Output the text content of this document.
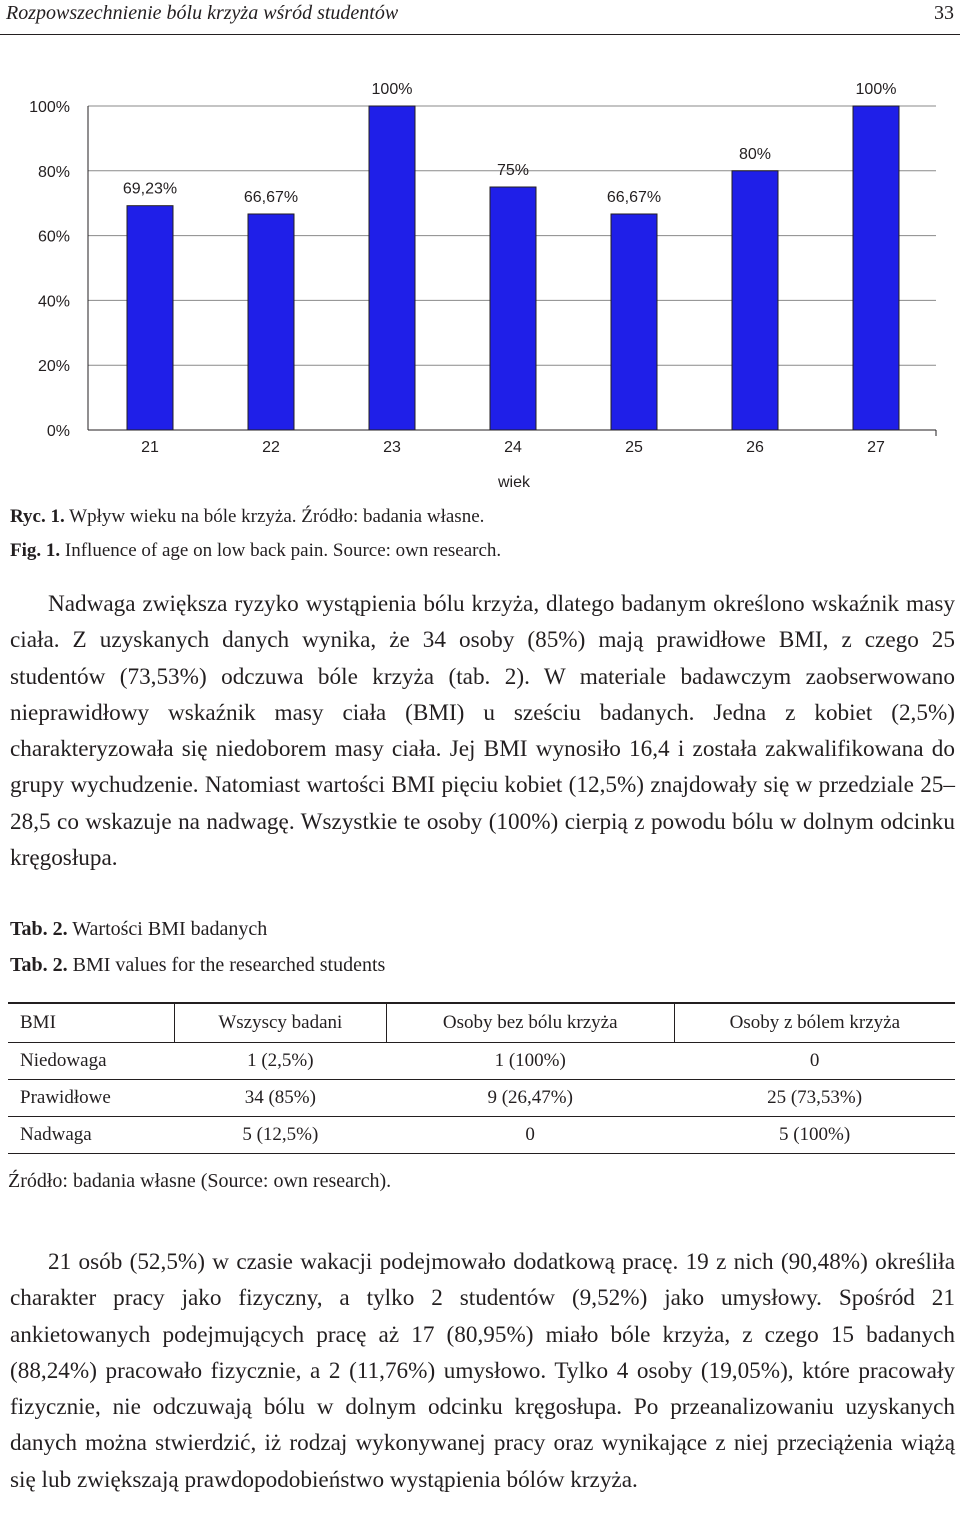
Rozpowszechnienie bólu krzyża wśród studentów	33
0%
20%
40%
60%
80%
100%
69,23%
21
66,67%
22
100%
23
75%
24
66,67%
25
80%
26
100%
27
wiek
Ryc. 1. Wpływ wieku na bóle krzyża. Źródło: badania własne.
Fig. 1. Influence of age on low back pain. Source: own research.

Nadwaga zwiększa ryzyko wystąpienia bólu krzyża, dlatego badanym określono wskaźnik masy ciała. Z uzyskanych danych wynika, że 34 osoby (85%) mają prawidłowe BMI, z czego 25 studentów (73,53%) odczuwa bóle krzyża (tab. 2). W materiale badawczym zaobserwowano nieprawidłowy wskaźnik masy ciała (BMI) u sześciu badanych. Jedna z kobiet (2,5%) charakteryzowała się niedoborem masy ciała. Jej BMI wynosiło 16,4 i została zakwalifikowana do grupy wychudzenie. Natomiast wartości BMI pięciu kobiet (12,5%) znajdowały się w przedziale 25–28,5 co wskazuje na nadwagę. Wszystkie te osoby (100%) cierpią z powodu bólu w dolnym odcinku kręgosłupa.

Tab. 2. Wartości BMI badanych
Tab. 2. BMI values for the researched students
BMI	Wszyscy badani	Osoby bez bólu krzyża	Osoby z bólem krzyża
Niedowaga	1 (2,5%)	1 (100%)	0
Prawidłowe	34 (85%)	9 (26,47%)	25 (73,53%)
Nadwaga	5 (12,5%)	0	5 (100%)
Źródło: badania własne (Source: own research).

21 osób (52,5%) w czasie wakacji podejmowało dodatkową pracę. 19 z nich (90,48%) określiła charakter pracy jako fizyczny, a tylko 2 studentów (9,52%) jako umysłowy. Spośród 21 ankietowanych podejmujących pracę aż 17 (80,95%) miało bóle krzyża, z czego 15 badanych (88,24%) pracowało fizycznie, a 2 (11,76%) umysłowo. Tylko 4 osoby (19,05%), które pracowały fizycznie, nie odczuwają bólu w dolnym odcinku kręgosłupa. Po przeanalizowaniu uzyskanych danych można stwierdzić, iż rodzaj wykonywanej pracy oraz wynikające z niej przeciążenia wiążą się lub zwiększają prawdopodobieństwo wystąpienia bólów krzyża.
